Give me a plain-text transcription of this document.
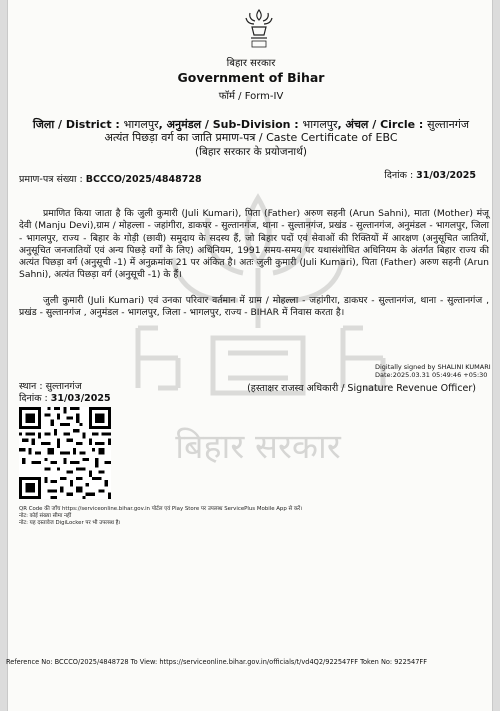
बिहार सरकार
बिहार सरकार
Government of Bihar
फॉर्म / Form-IV
जिला / District : भागलपुर, अनुमंडल / Sub-Division : भागलपुर, अंचल / Circle : सुल्तानगंज
अत्यंत पिछड़ा वर्ग का जाति प्रमाण-पत्र / Caste Certificate of EBC
(बिहार सरकार के प्रयोजनार्थ)
प्रमाण-पत्र संख्या : BCCCO/2025/4848728	दिनांक : 31/03/2025
प्रमाणित किया जाता है कि जुली कुमारी (Juli Kumari), पिता (Father) अरुण सहनी (Arun Sahni), माता (Mother) मंजू देवी (Manju Devi),ग्राम / मोहल्ला - जहांगीरा, डाकघर - सुल्तानगंज, थाना - सुल्तानगंज, प्रखंड - सुल्तानगंज, अनुमंडल - भागलपुर, जिला - भागलपुर, राज्य - बिहार के गोड़ी (छावी) समुदाय के सदस्य हैं, जो बिहार पदों एवं सेवाओं की रिक्तियों में आरक्षण (अनुसूचित जातियों, अनुसूचित जनजातियों एवं अन्य पिछड़े वर्गों के लिए) अधिनियम, 1991 समय-समय पर यथासंशोधित अधिनियम के अंतर्गत बिहार राज्य की अत्यंत पिछड़ा वर्ग (अनुसूची -1) में अनुक्रमांक 21 पर अंकित है। अतः जुली कुमारी (Juli Kumari), पिता (Father) अरुण सहनी (Arun Sahni), अत्यंत पिछड़ा वर्ग (अनुसूची -1) के हैं।
जुली कुमारी (Juli Kumari) एवं उनका परिवार वर्तमान में ग्राम / मोहल्ला - जहांगीरा, डाकघर - सुल्तानगंज, थाना - सुल्तानगंज , प्रखंड - सुल्तानगंज , अनुमंडल - भागलपुर, जिला - भागलपुर, राज्य - BIHAR में निवास करता है।
Digitally signed by SHALINI KUMARI
Date:2025.03.31 05:49:46 +05:30
स्थान : सुल्तानगंज
दिनांक : 31/03/2025
(हस्ताक्षर राजस्व अधिकारी / Signature Revenue Officer)
QR Code की जाँच https://serviceonline.bihar.gov.in पोर्टल एवं Play Store पर उपलब्ध ServicePlus Mobile App से करें।
नोट: कोई संख्या सीमा नहीं
नोट: यह दस्तावेज DigiLocker पर भी उपलब्ध है।
Reference No: BCCCO/2025/4848728 To View: https://serviceonline.bihar.gov.in/officials/t/vd4Q2/922547FF Token No: 922547FF
